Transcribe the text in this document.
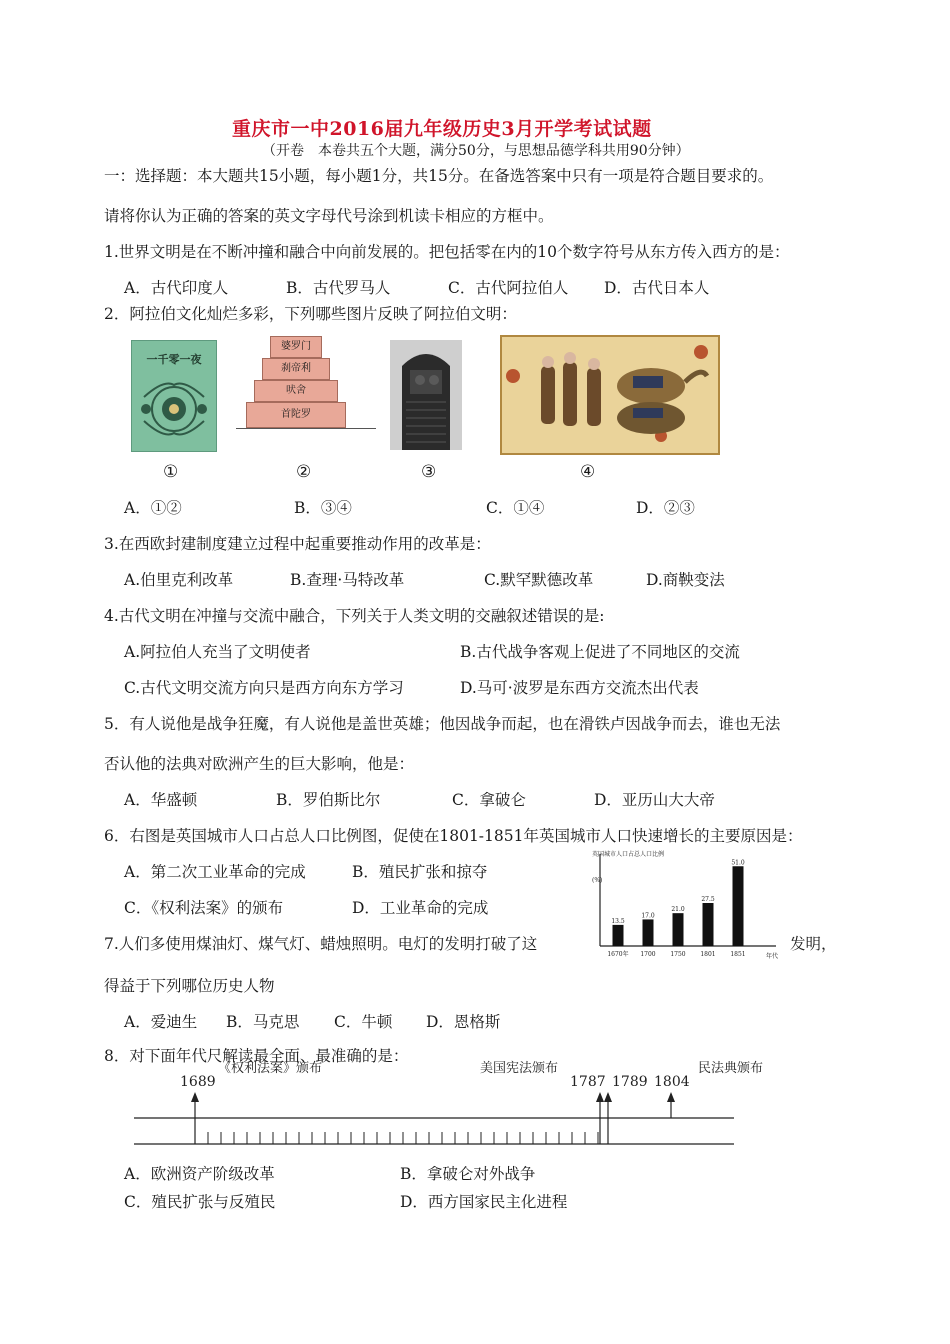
重庆市一中2016届九年级历史3月开学考试试题
（开卷　本卷共五个大题，满分50分，与思想品德学科共用90分钟）
一：选择题：本大题共15小题，每小题1分，共15分。在备选答案中只有一项是符合题目要求的。
请将你认为正确的答案的英文字母代号涂到机读卡相应的方框中。
1.世界文明是在不断冲撞和融合中向前发展的。把包括零在内的10个数字符号从东方传入西方的是：
A．古代印度人	B．古代罗马人	C．古代阿拉伯人 D．古代日本人
2．阿拉伯文化灿烂多彩，下列哪些图片反映了阿拉伯文明：
一千零一夜
婆罗门
刹帝利
吠舍
首陀罗
①	②	③	④
A．①②	B．③④	C．①④	D．②③
3.在西欧封建制度建立过程中起重要推动作用的改革是：
A.伯里克利改革	B.查理·马特改革	C.默罕默德改革	D.商鞅变法
4.古代文明在冲撞与交流中融合，下列关于人类文明的交融叙述错误的是:
A.阿拉伯人充当了文明使者	B.古代战争客观上促进了不同地区的交流
C.古代文明交流方向只是西方向东方学习	D.马可·波罗是东西方交流杰出代表
5．有人说他是战争狂魔，有人说他是盖世英雄；他因战争而起，也在滑铁卢因战争而去，谁也无法
否认他的法典对欧洲产生的巨大影响，他是：
A．华盛顿	B．罗伯斯比尔	C．拿破仑	D．亚历山大大帝
6．右图是英国城市人口占总人口比例图，促使在1801-1851年英国城市人口快速增长的主要原因是：
A．第二次工业革命的完成	B．殖民扩张和掠夺
C．《权利法案》的颁布	D．工业革命的完成
英国城市人口占总人口比例
(%)
年代
13.5
1670年
17.0
1700
21.0
1750
27.5
1801
51.0
1851
7.人们多使用煤油灯、煤气灯、蜡烛照明。电灯的发明打破了这	发明，
得益于下列哪位历史人物
A．爱迪生 B．马克思 C．牛顿 D．恩格斯
8．对下面年代尺解读最全面、最准确的是：
《权利法案》颁布
1689
美国宪法颁布
1787 1789
民法典颁布
1804
A．欧洲资产阶级改革	B．拿破仑对外战争
C．殖民扩张与反殖民	D．西方国家民主化进程
